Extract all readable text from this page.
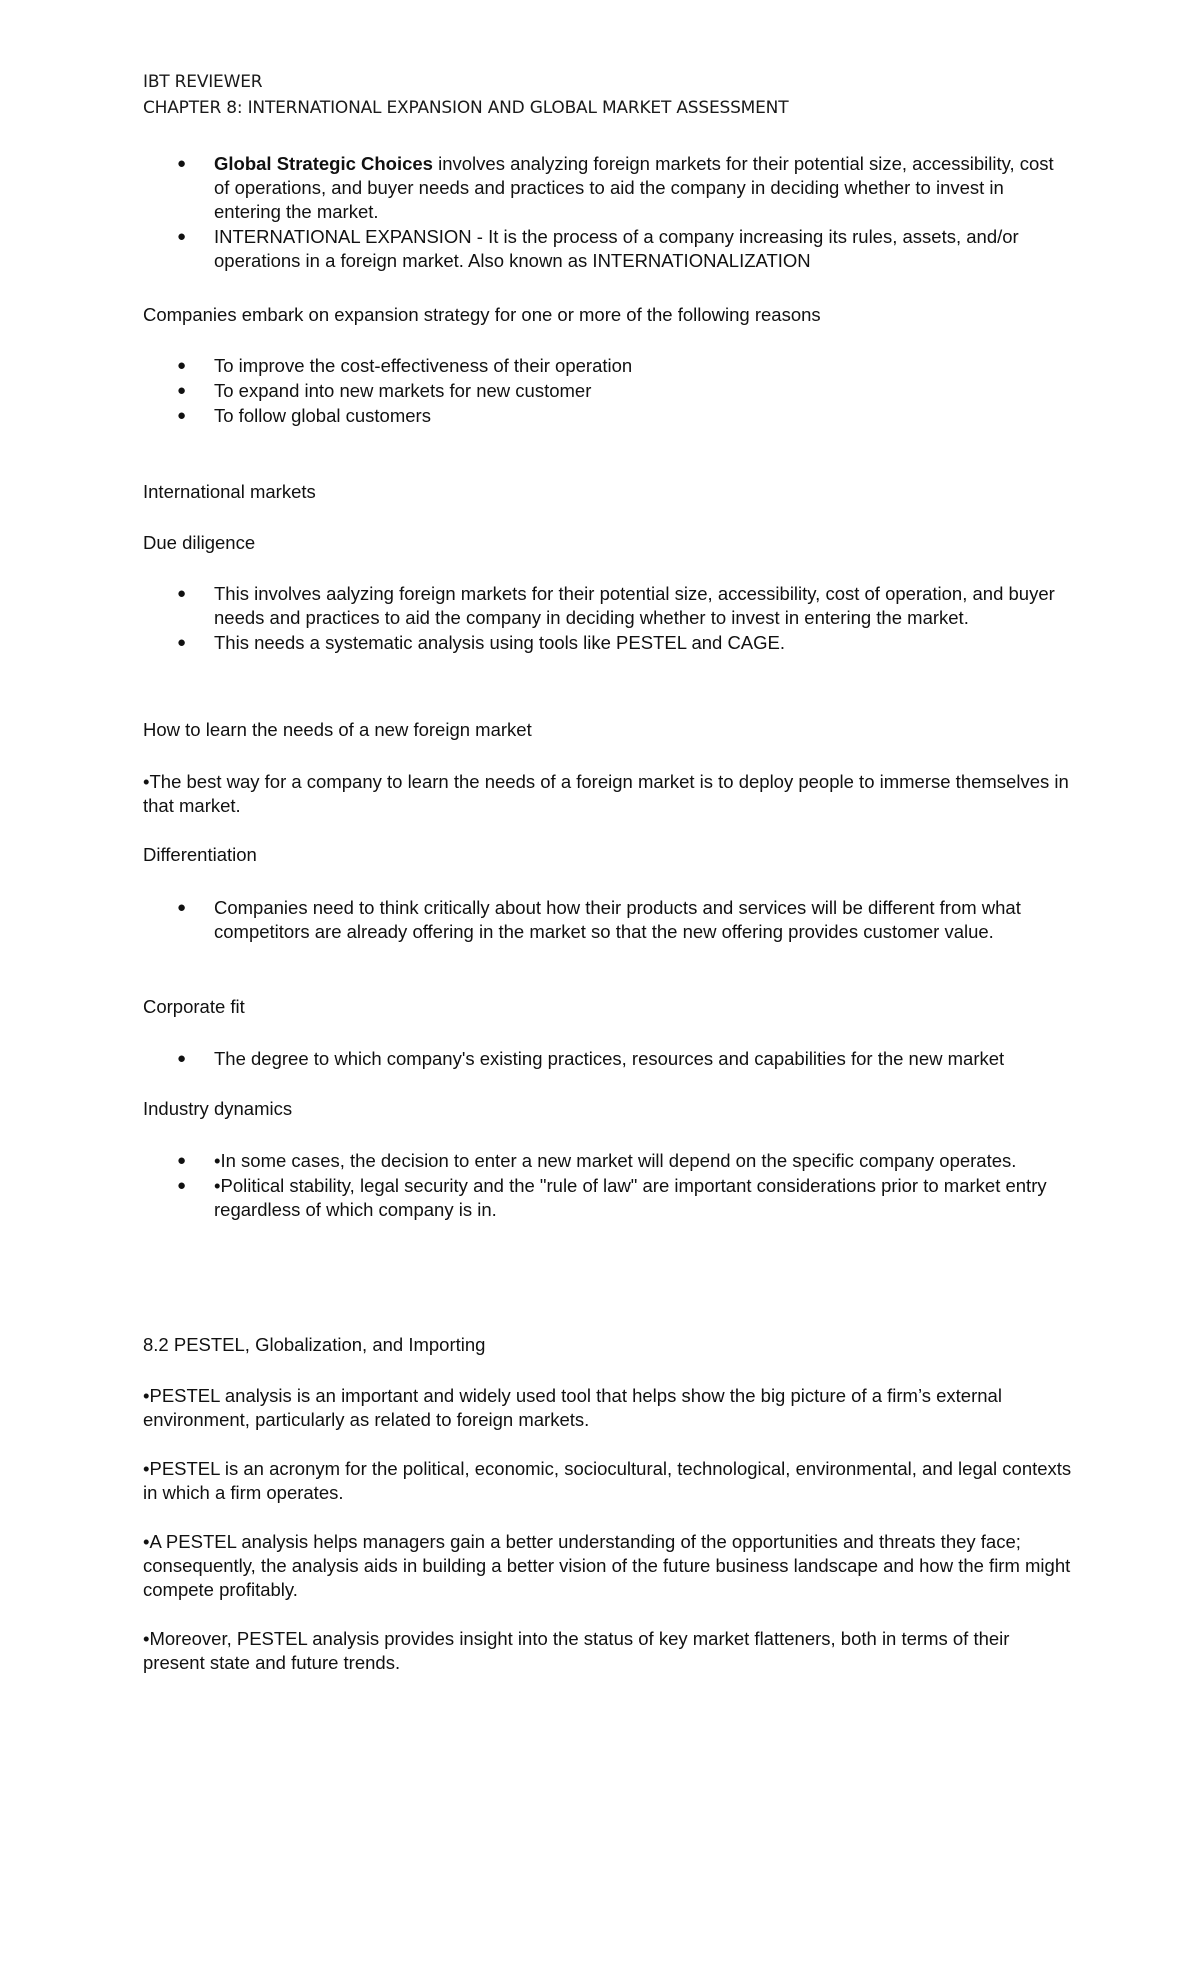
IBT REVIEWER
CHAPTER 8: INTERNATIONAL EXPANSION AND GLOBAL MARKET ASSESSMENT
● Global Strategic Choices involves analyzing foreign markets for their potential size, accessibility, cost of operations, and buyer needs and practices to aid the company in deciding whether to invest in entering the market.
● INTERNATIONAL EXPANSION - It is the process of a company increasing its rules, assets, and/or operations in a foreign market. Also known as INTERNATIONALIZATION
Companies embark on expansion strategy for one or more of the following reasons
● To improve the cost-effectiveness of their operation
● To expand into new markets for new customer
● To follow global customers
International markets
Due diligence
● This involves aalyzing foreign markets for their potential size, accessibility, cost of operation, and buyer needs and practices to aid the company in deciding whether to invest in entering the market.
● This needs a systematic analysis using tools like PESTEL and CAGE.
How to learn the needs of a new foreign market
•The best way for a company to learn the needs of a foreign market is to deploy people to immerse themselves in that market.
Differentiation
● Companies need to think critically about how their products and services will be different from what competitors are already offering in the market so that the new offering provides customer value.
Corporate fit
● The degree to which company's existing practices, resources and capabilities for the new market
Industry dynamics
● •In some cases, the decision to enter a new market will depend on the specific company operates.
● •Political stability, legal security and the "rule of law" are important considerations prior to market entry regardless of which company is in.
8.2 PESTEL, Globalization, and Importing
•PESTEL analysis is an important and widely used tool that helps show the big picture of a firm’s external environment, particularly as related to foreign markets.
•PESTEL is an acronym for the political, economic, sociocultural, technological, environmental, and legal contexts in which a firm operates.
•A PESTEL analysis helps managers gain a better understanding of the opportunities and threats they face; consequently, the analysis aids in building a better vision of the future business landscape and how the firm might compete profitably.
•Moreover, PESTEL analysis provides insight into the status of key market flatteners, both in terms of their present state and future trends.
